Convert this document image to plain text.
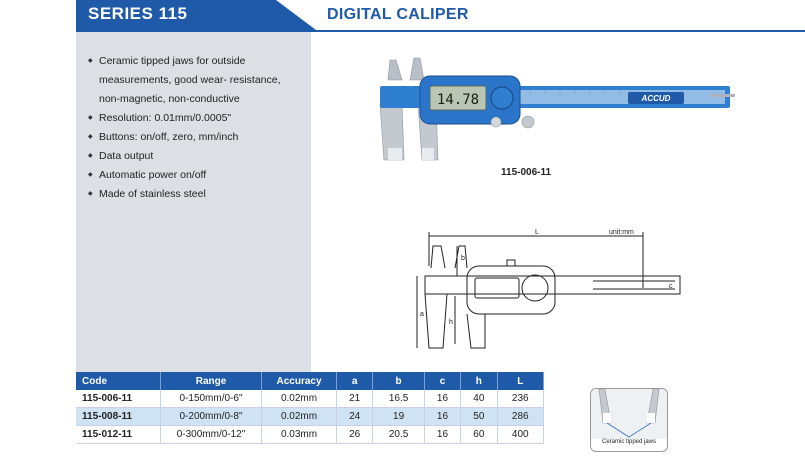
SERIES 115	DIGITAL CALIPER
◆ Ceramic tipped jaws for outside
measurements, good wear- resistance,
non-magnetic, non-conductive
◆ Resolution: 0.01mm/0.0005"
◆ Buttons: on/off, zero, mm/inch
◆ Data output
◆ Automatic power on/off
◆ Made of stainless steel
ACCUD
14.78
115-006-11
L	unit:mm
b
c
h
a
Code	Range	Accuracy	a	b	c	h	L
115-006-11	0-150mm/0-6"	0.02mm	21	16.5	16	40	236
115-008-11	0-200mm/0-8"	0.02mm	24	19	16	50	286
115-012-11	0-300mm/0-12"	0.03mm	26	20.5	16	60	400
Ceramic tipped jaws
